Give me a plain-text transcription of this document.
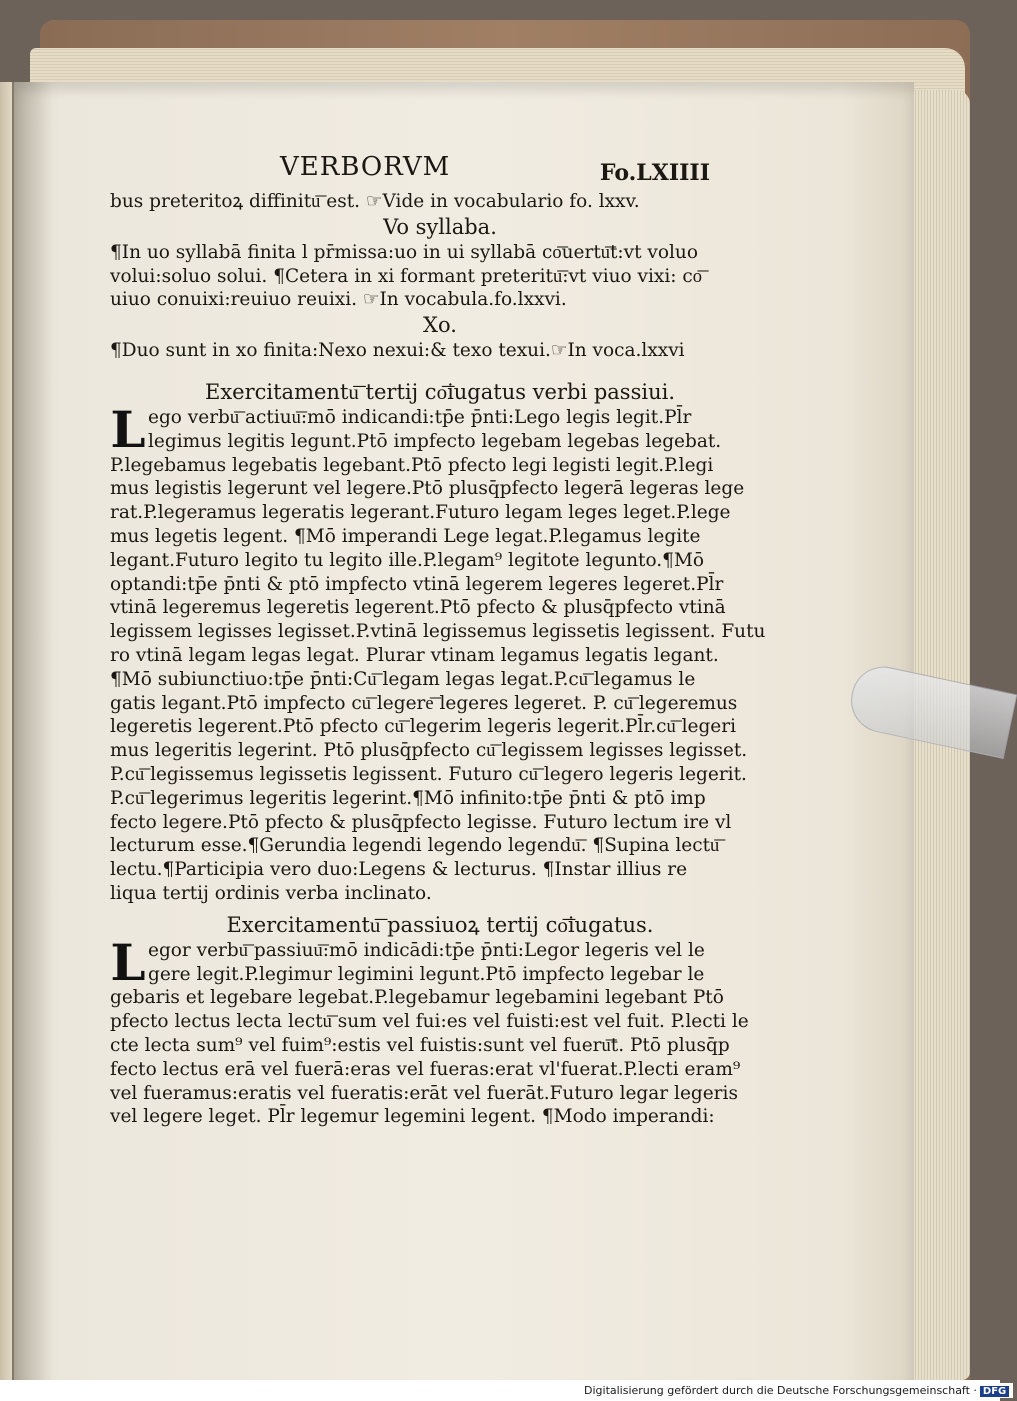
VERBORVM	Fo.LXIIII
bus preteritoꝝ diffinitu͞ est. ☞Vide in vocabulario fo. lxxv.
Vo syllaba.
¶In uo syllabā finita l pr̄missa:uo in ui syllabā co͞uertu͞t:vt voluo
volui:soluo solui. ¶Cetera in xi formant preteritu͞:vt viuo vixi: co͞
uiuo conuixi:reuiuo reuixi. ☞In vocabula.fo.lxxvi.
Xo.
¶Duo sunt in xo finita:Nexo nexui:& texo texui.☞In voca.lxxvi
Exercitamentu͞ tertij co͞iugatus verbi passiui.
L ego verbu͞ actiuu͞:mō indicandi:tp̄e p̄nti:Lego legis legit.Pl̄r
legimus legitis legunt.Ptō impfecto legebam legebas legebat.
P.legebamus legebatis legebant.Ptō pfecto legi legisti legit.P.legi
mus legistis legerunt vel legere.Ptō plusq̄pfecto legerā legeras lege
rat.P.legeramus legeratis legerant.Futuro legam leges leget.P.lege
mus legetis legent. ¶Mō imperandi Lege legat.P.legamus legite
legant.Futuro legito tu legito ille.P.legam⁹ legitote legunto.¶Mō
optandi:tp̄e p̄nti & ptō impfecto vtinā legerem legeres legeret.Pl̄r
vtinā legeremus legeretis legerent.Ptō pfecto & plusq̄pfecto vtinā
legissem legisses legisset.P.vtinā legissemus legissetis legissent. Futu
ro vtinā legam legas legat. Plurar vtinam legamus legatis legant.
¶Mō subiunctiuo:tp̄e p̄nti:Cu͞ legam legas legat.P.cu͞ legamus le
gatis legant.Ptō impfecto cu͞ legere͞ legeres legeret. P. cu͞ legeremus
legeretis legerent.Ptō pfecto cu͞ legerim legeris legerit.Pl̄r.cu͞ legeri
mus legeritis legerint. Ptō plusq̄pfecto cu͞ legissem legisses legisset.
P.cu͞ legissemus legissetis legissent. Futuro cu͞ legero legeris legerit.
P.cu͞ legerimus legeritis legerint.¶Mō infinito:tp̄e p̄nti & ptō imp
fecto legere.Ptō pfecto & plusq̄pfecto legisse. Futuro lectum ire vl
lecturum esse.¶Gerundia legendi legendo legendu͞. ¶Supina lectu͞
lectu.¶Participia vero duo:Legens & lecturus. ¶Instar illius re
liqua tertij ordinis verba inclinato.
Exercitamentu͞ passiuoꝝ tertij co͞iugatus.
L egor verbu͞ passiuu͞:mō indicādi:tp̄e p̄nti:Legor legeris vel le
gere legit.P.legimur legimini legunt.Ptō impfecto legebar le
gebaris et legebare legebat.P.legebamur legebamini legebant Ptō
pfecto lectus lecta lectu͞ sum vel fui:es vel fuisti:est vel fuit. P.lecti le
cte lecta sum⁹ vel fuim⁹:estis vel fuistis:sunt vel fueru͞t. Ptō plusq̄p
fecto lectus erā vel fuerā:eras vel fueras:erat vl'fuerat.P.lecti eram⁹
vel fueramus:eratis vel fueratis:erāt vel fuerāt.Futuro legar legeris
vel legere leget. Pl̄r legemur legemini legent. ¶Modo imperandi:
Digitalisierung gefördert durch die Deutsche Forschungsgemeinschaft · DFG
